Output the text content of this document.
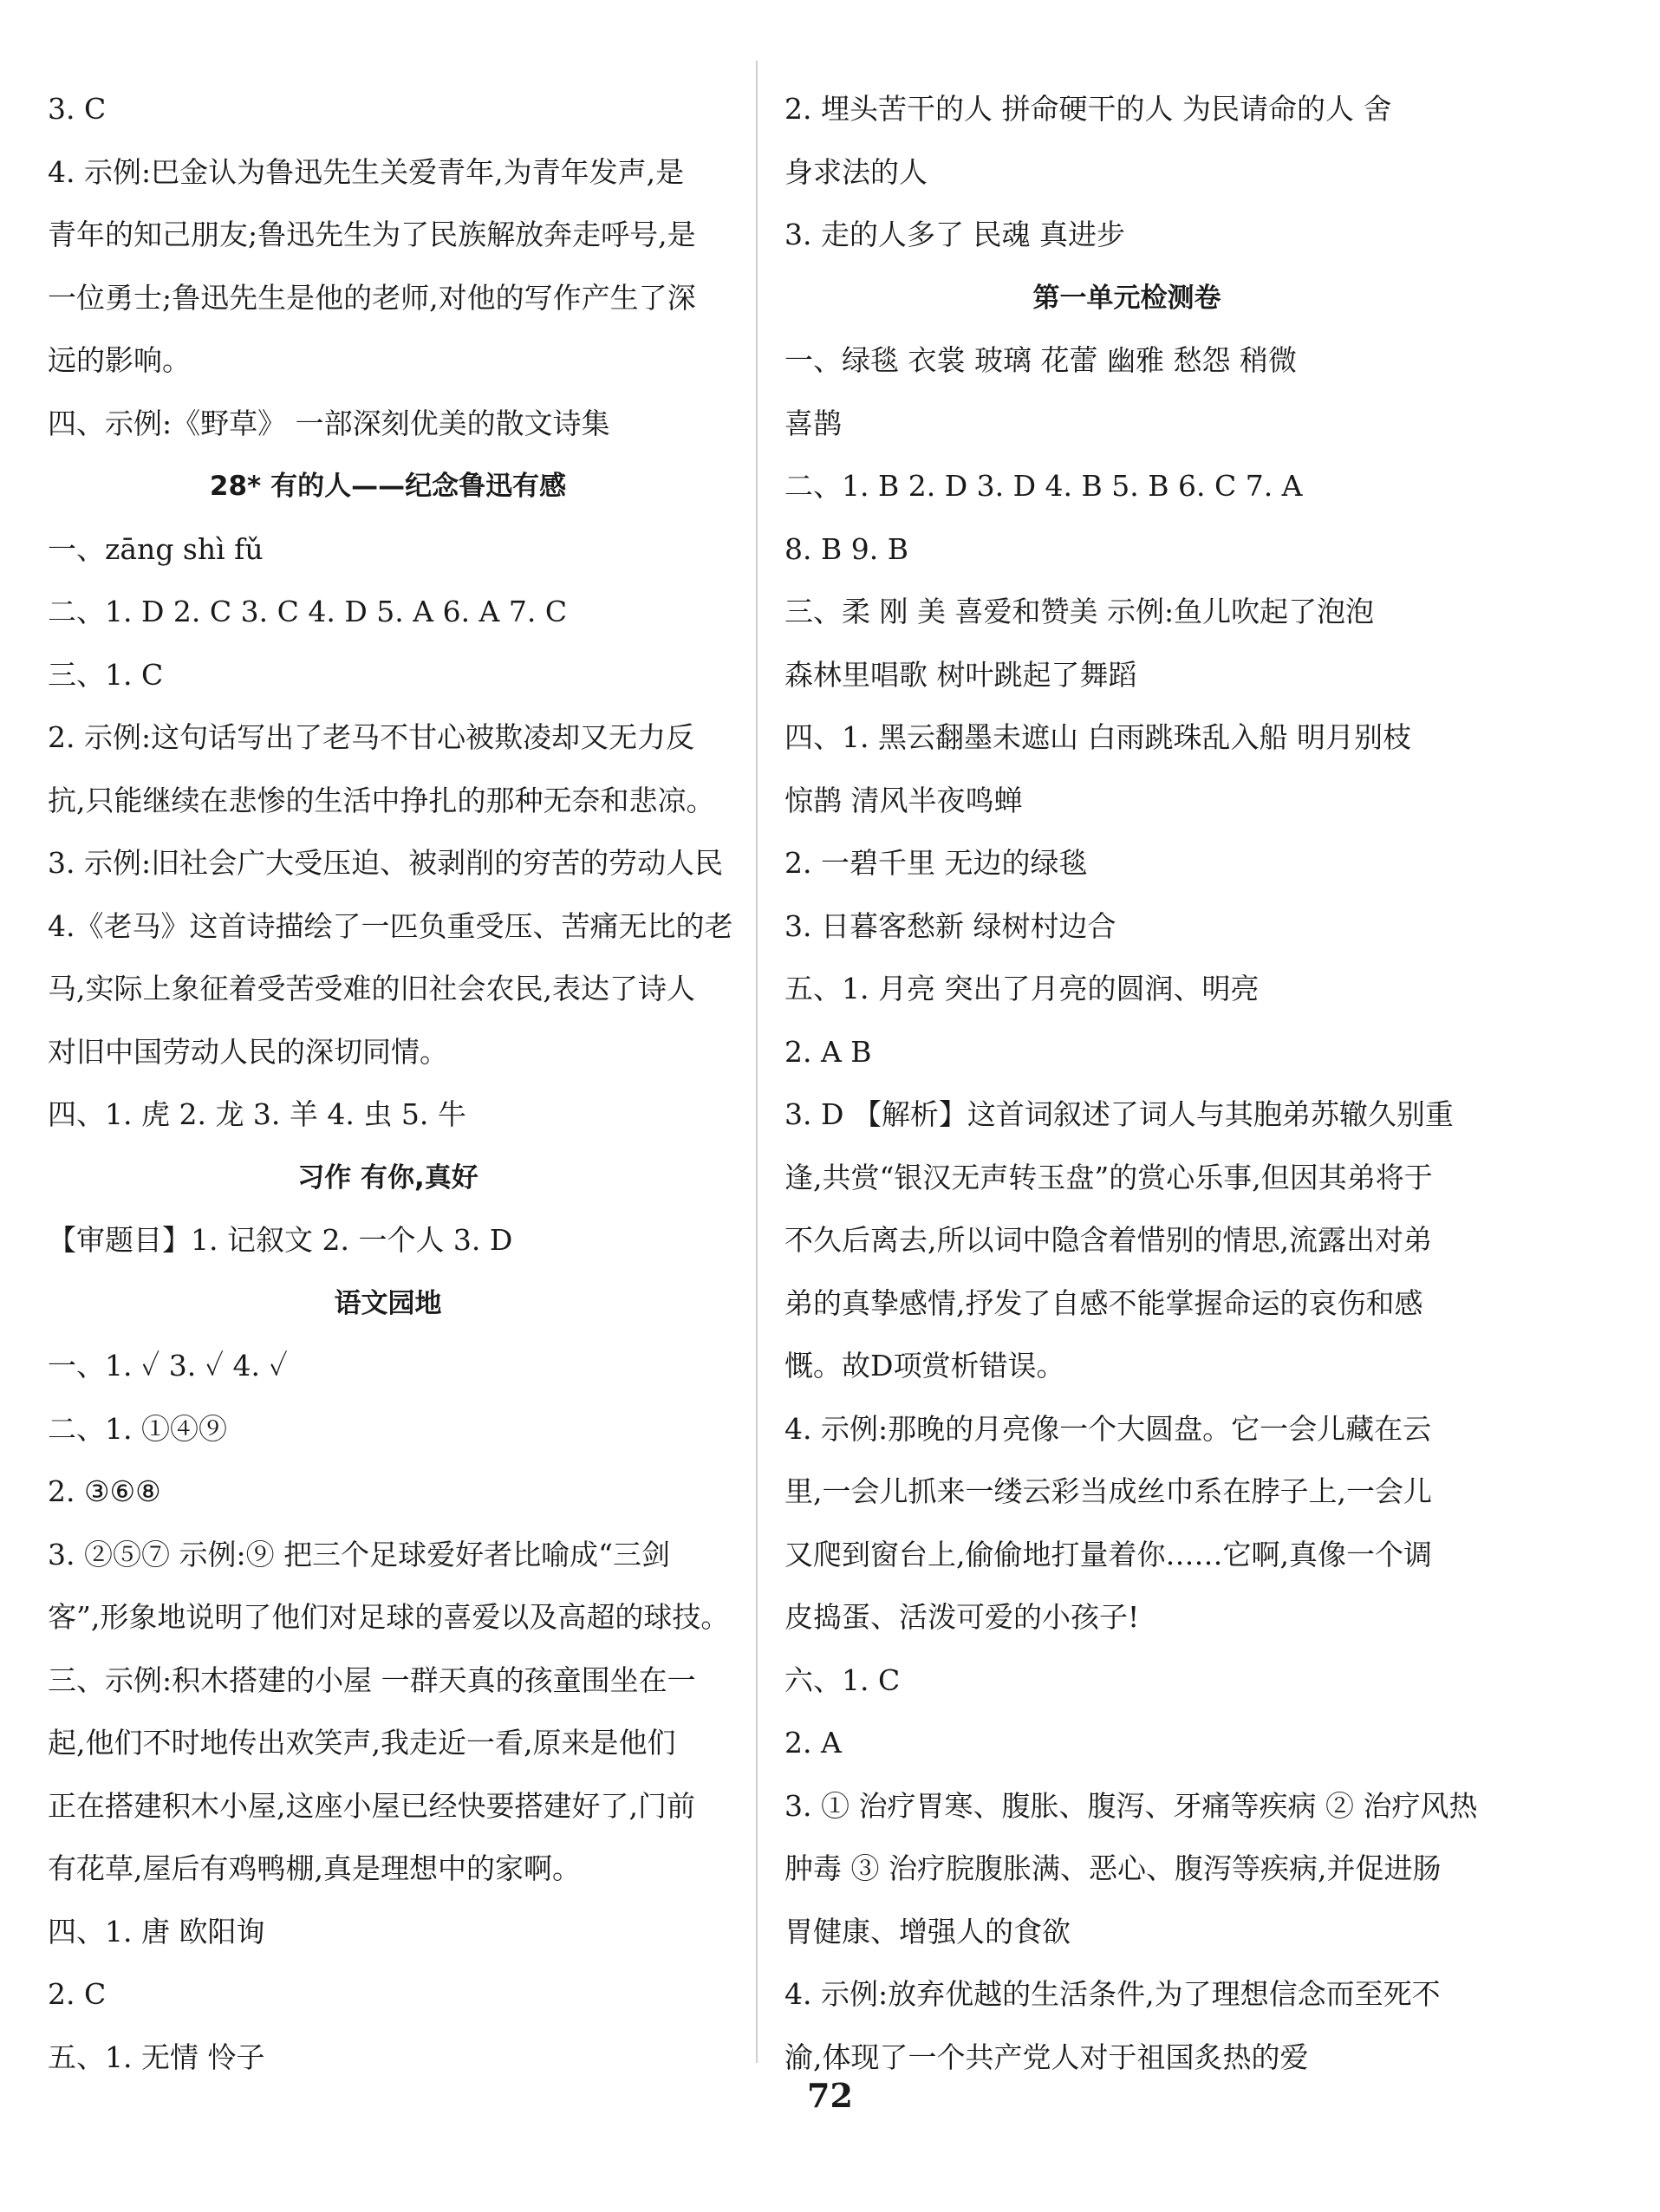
3. C
4. 示例:巴金认为鲁迅先生关爱青年,为青年发声,是
青年的知己朋友;鲁迅先生为了民族解放奔走呼号,是
一位勇士;鲁迅先生是他的老师,对他的写作产生了深
远的影响。
四、示例:《野草》 一部深刻优美的散文诗集
28* 有的人——纪念鲁迅有感
一、zāng shì fǔ
二、1. D 2. C 3. C 4. D 5. A 6. A 7. C
三、1. C
2. 示例:这句话写出了老马不甘心被欺凌却又无力反
抗,只能继续在悲惨的生活中挣扎的那种无奈和悲凉。
3. 示例:旧社会广大受压迫、被剥削的穷苦的劳动人民
4.《老马》这首诗描绘了一匹负重受压、苦痛无比的老
马,实际上象征着受苦受难的旧社会农民,表达了诗人
对旧中国劳动人民的深切同情。
四、1. 虎 2. 龙 3. 羊 4. 虫 5. 牛
习作 有你,真好
【审题目】1. 记叙文 2. 一个人 3. D
语文园地
一、1. ✓ 3. ✓ 4. ✓
二、1. ①④⑨
2. ③⑥⑧
3. ②⑤⑦ 示例:⑨ 把三个足球爱好者比喻成“三剑
客”,形象地说明了他们对足球的喜爱以及高超的球技。
三、示例:积木搭建的小屋 一群天真的孩童围坐在一
起,他们不时地传出欢笑声,我走近一看,原来是他们
正在搭建积木小屋,这座小屋已经快要搭建好了,门前
有花草,屋后有鸡鸭棚,真是理想中的家啊。
四、1. 唐 欧阳询
2. C
五、1. 无情 怜子
2. 埋头苦干的人 拼命硬干的人 为民请命的人 舍
身求法的人
3. 走的人多了 民魂 真进步
第一单元检测卷
一、绿毯 衣裳 玻璃 花蕾 幽雅 愁怨 稍微
喜鹊
二、1. B 2. D 3. D 4. B 5. B 6. C 7. A
8. B 9. B
三、柔 刚 美 喜爱和赞美 示例:鱼儿吹起了泡泡
森林里唱歌 树叶跳起了舞蹈
四、1. 黑云翻墨未遮山 白雨跳珠乱入船 明月别枝
惊鹊 清风半夜鸣蝉
2. 一碧千里 无边的绿毯
3. 日暮客愁新 绿树村边合
五、1. 月亮 突出了月亮的圆润、明亮
2. A B
3. D 【解析】这首词叙述了词人与其胞弟苏辙久别重
逢,共赏“银汉无声转玉盘”的赏心乐事,但因其弟将于
不久后离去,所以词中隐含着惜别的情思,流露出对弟
弟的真挚感情,抒发了自感不能掌握命运的哀伤和感
慨。故D项赏析错误。
4. 示例:那晚的月亮像一个大圆盘。它一会儿藏在云
里,一会儿抓来一缕云彩当成丝巾系在脖子上,一会儿
又爬到窗台上,偷偷地打量着你……它啊,真像一个调
皮捣蛋、活泼可爱的小孩子!
六、1. C
2. A
3. ① 治疗胃寒、腹胀、腹泻、牙痛等疾病 ② 治疗风热
肿毒 ③ 治疗脘腹胀满、恶心、腹泻等疾病,并促进肠
胃健康、增强人的食欲
4. 示例:放弃优越的生活条件,为了理想信念而至死不
渝,体现了一个共产党人对于祖国炙热的爱
72
